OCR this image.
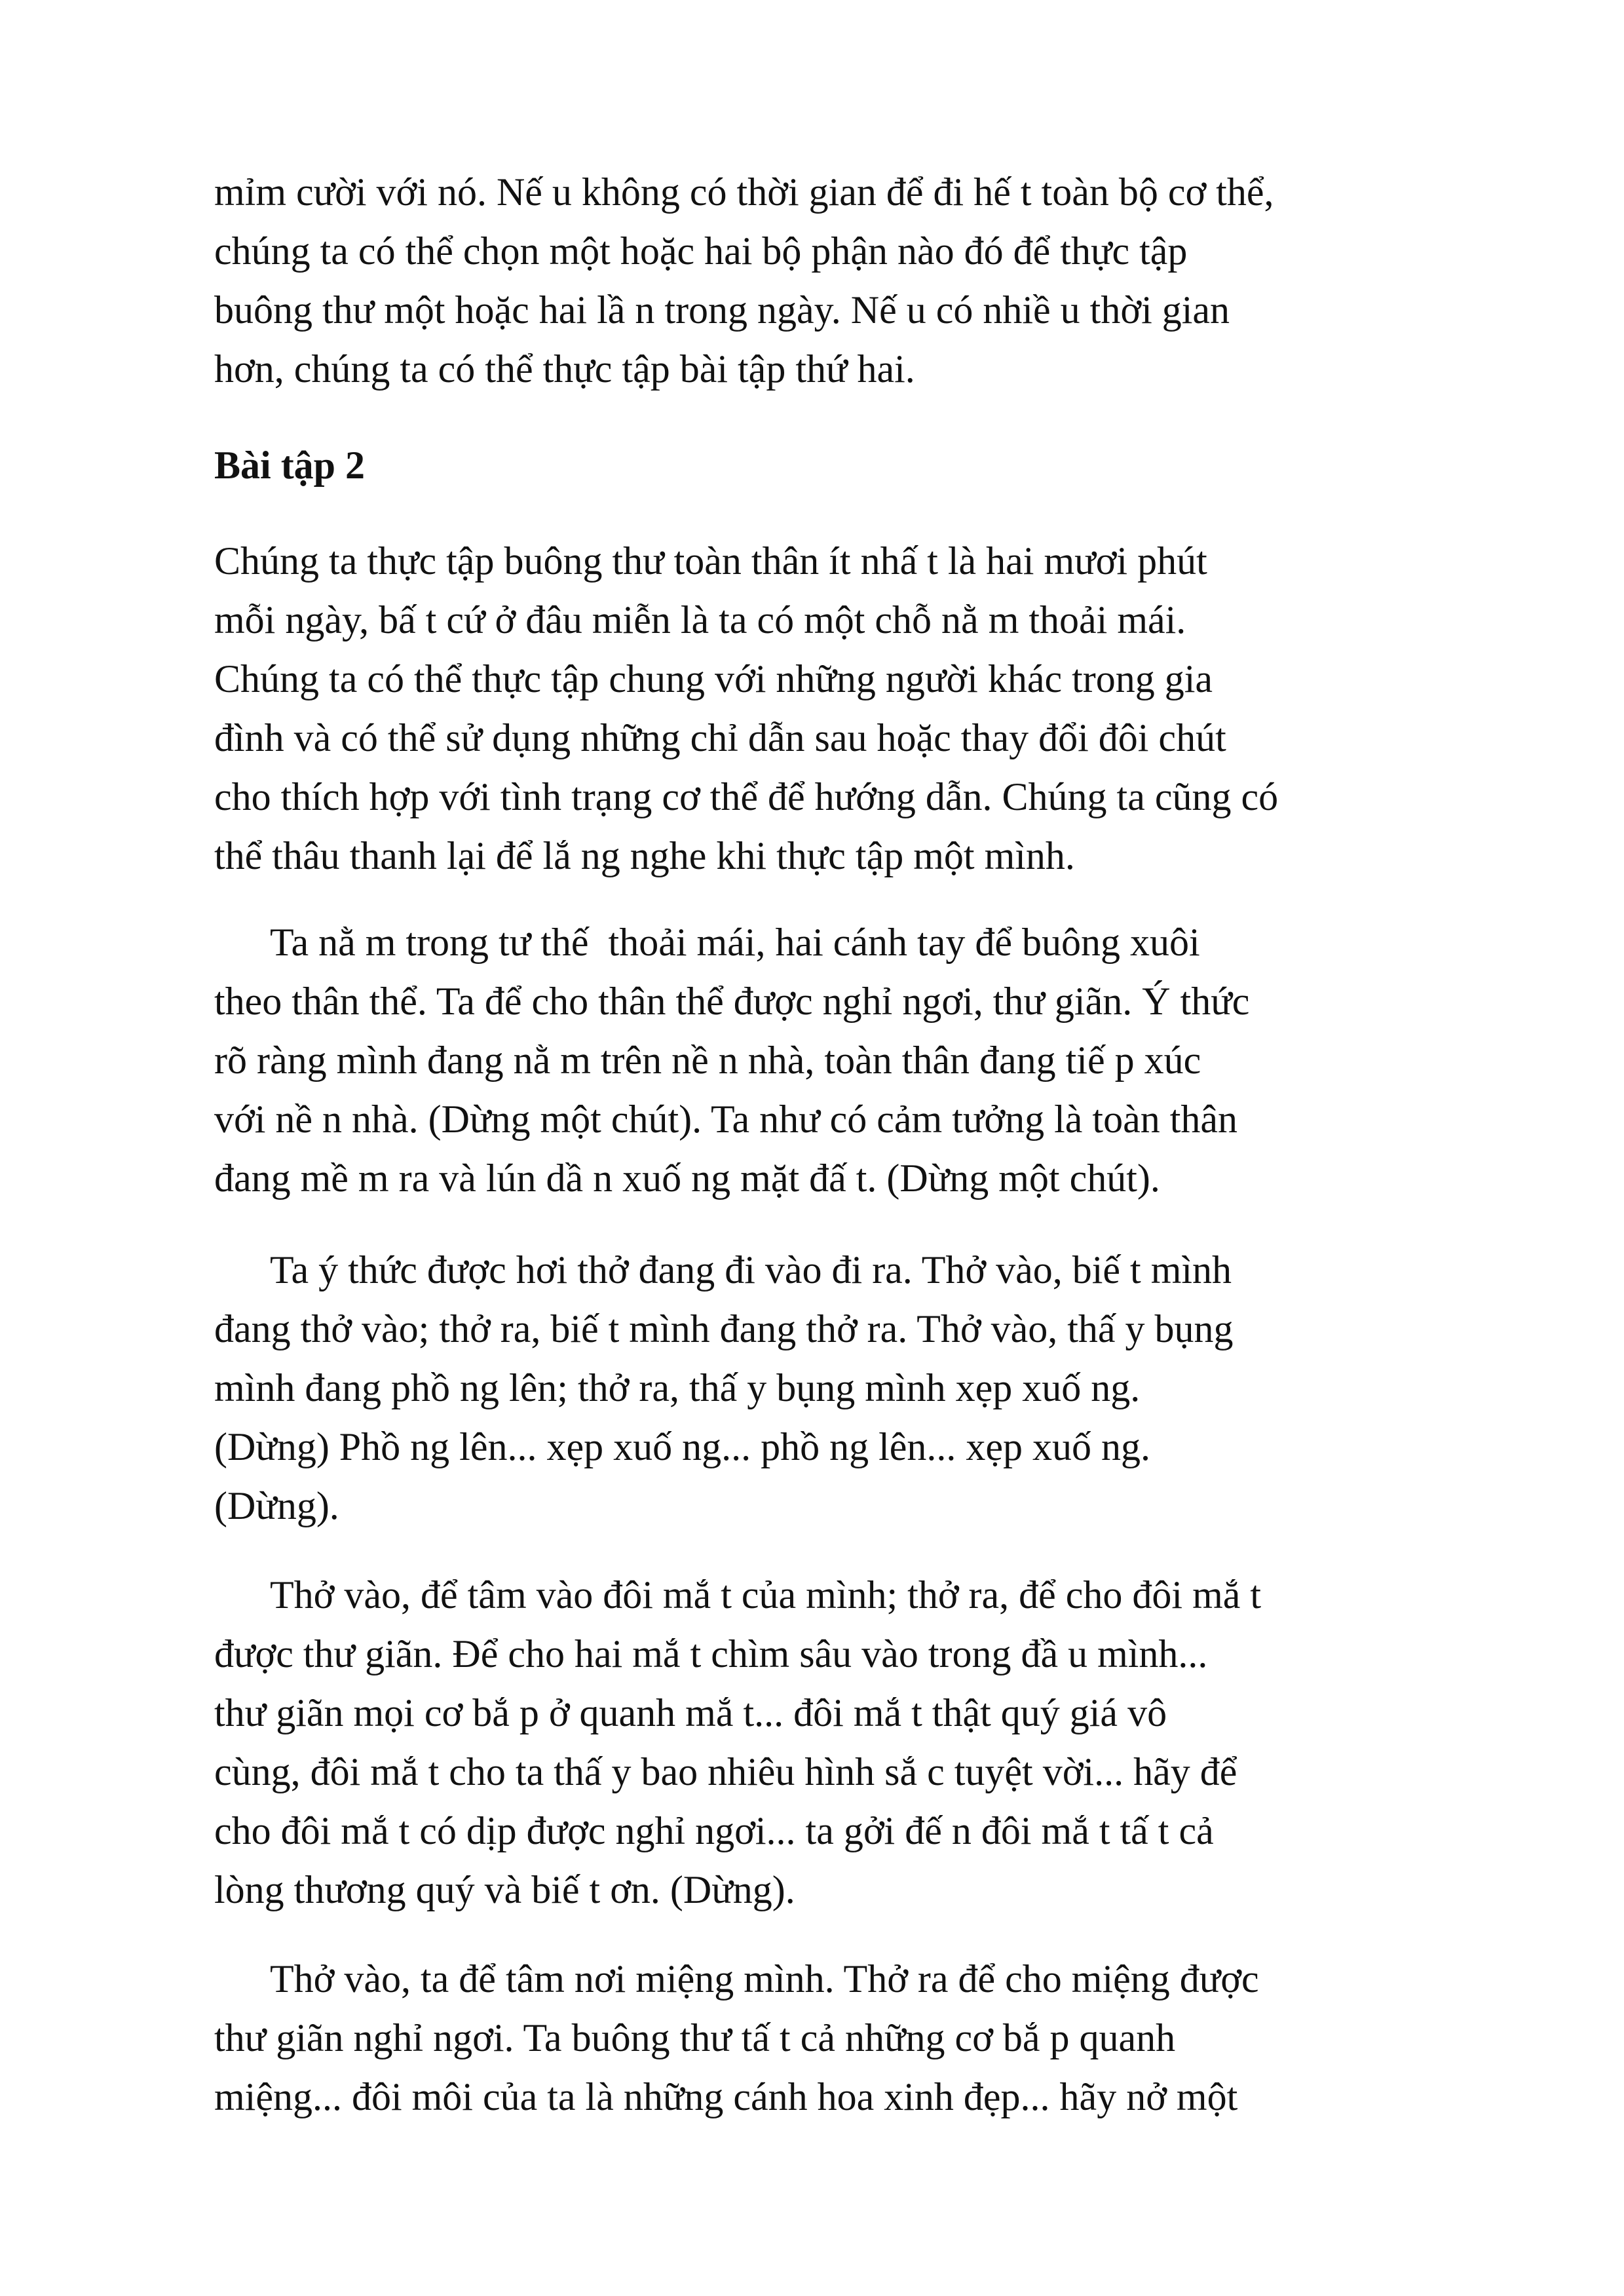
mỉm cười với nó. Nế u không có thời gian để đi hế t toàn bộ cơ thể,
chúng ta có thể chọn một hoặc hai bộ phận nào đó để thực tập
buông thư một hoặc hai lầ n trong ngày. Nế u có nhiề u thời gian
hơn, chúng ta có thể thực tập bài tập thứ hai.
Bài tập 2
Chúng ta thực tập buông thư toàn thân ít nhấ t là hai mươi phút
mỗi ngày, bấ t cứ ở đâu miễn là ta có một chỗ nằ m thoải mái.
Chúng ta có thể thực tập chung với những người khác trong gia
đình và có thể sử dụng những chỉ dẫn sau hoặc thay đổi đôi chút
cho thích hợp với tình trạng cơ thể để hướng dẫn. Chúng ta cũng có
thể thâu thanh lại để lắ ng nghe khi thực tập một mình.
Ta nằ m trong tư thế  thoải mái, hai cánh tay để buông xuôi
theo thân thể. Ta để cho thân thể được nghỉ ngơi, thư giãn. Ý thức
rõ ràng mình đang nằ m trên nề n nhà, toàn thân đang tiế p xúc
với nề n nhà. (Dừng một chút). Ta như có cảm tưởng là toàn thân
đang mề m ra và lún dầ n xuố ng mặt đấ t. (Dừng một chút).
Ta ý thức được hơi thở đang đi vào đi ra. Thở vào, biế t mình
đang thở vào; thở ra, biế t mình đang thở ra. Thở vào, thấ y bụng
mình đang phồ ng lên; thở ra, thấ y bụng mình xẹp xuố ng.
(Dừng) Phồ ng lên... xẹp xuố ng... phồ ng lên... xẹp xuố ng.
(Dừng).
Thở vào, để tâm vào đôi mắ t của mình; thở ra, để cho đôi mắ t
được thư giãn. Để cho hai mắ t chìm sâu vào trong đầ u mình...
thư giãn mọi cơ bắ p ở quanh mắ t... đôi mắ t thật quý giá vô
cùng, đôi mắ t cho ta thấ y bao nhiêu hình sắ c tuyệt vời... hãy để
cho đôi mắ t có dịp được nghỉ ngơi... ta gởi đế n đôi mắ t tấ t cả
lòng thương quý và biế t ơn. (Dừng).
Thở vào, ta để tâm nơi miệng mình. Thở ra để cho miệng được
thư giãn nghỉ ngơi. Ta buông thư tấ t cả những cơ bắ p quanh
miệng... đôi môi của ta là những cánh hoa xinh đẹp... hãy nở một
